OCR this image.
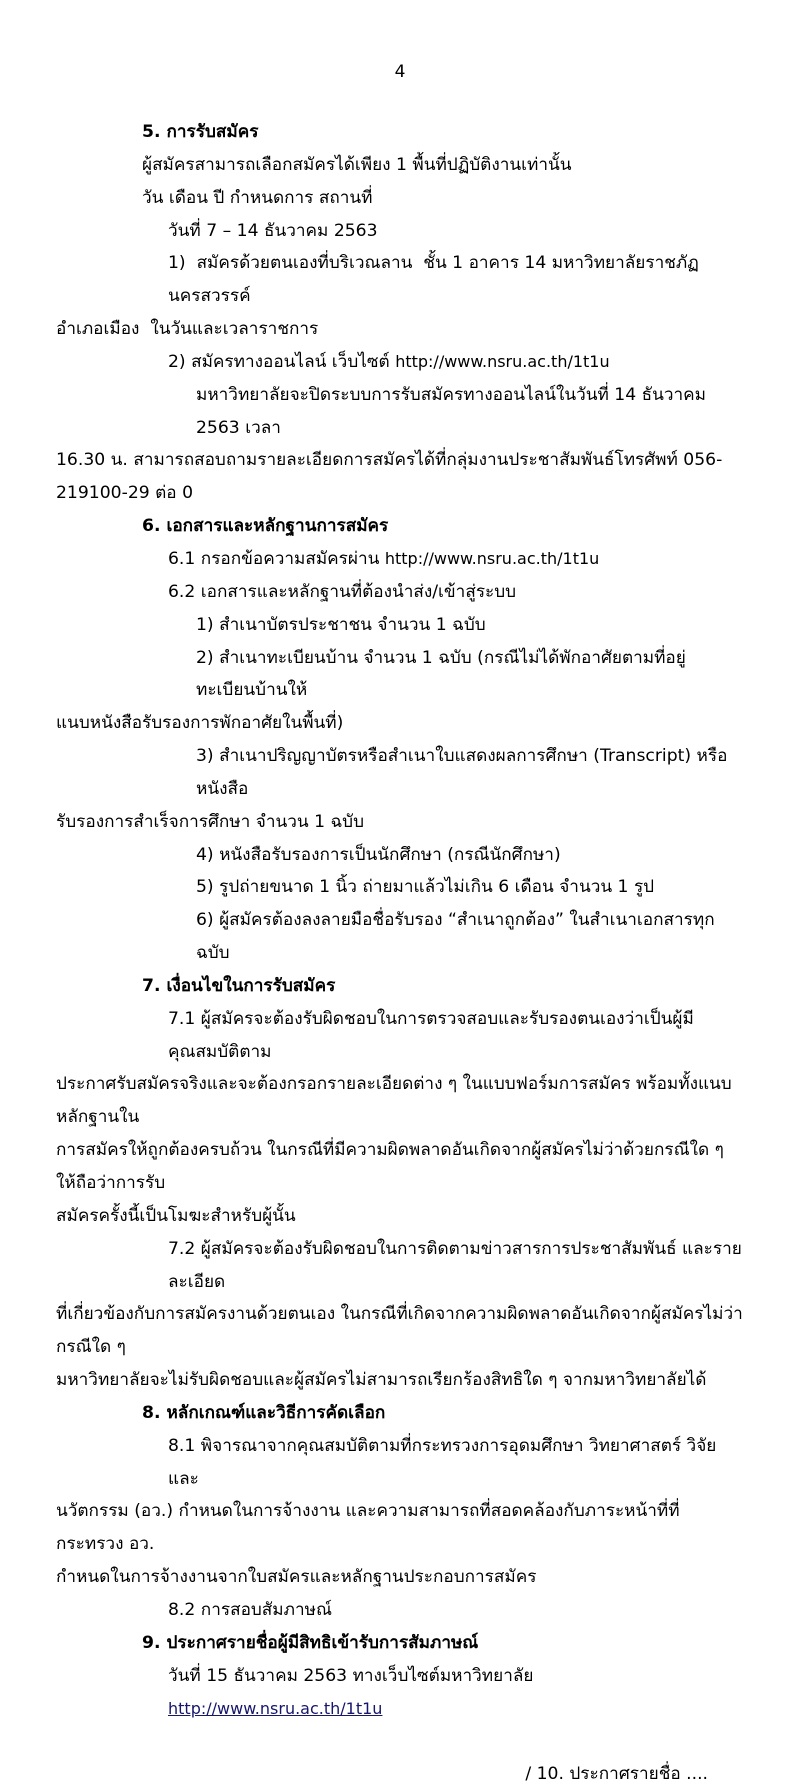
4
5. การรับสมัคร
ผู้สมัครสามารถเลือกสมัครได้เพียง 1 พื้นที่ปฏิบัติงานเท่านั้น
วัน เดือน ปี กำหนดการ สถานที่
วันที่ 7 – 14 ธันวาคม 2563
1)  สมัครด้วยตนเองที่บริเวณลาน  ชั้น 1 อาคาร 14 มหาวิทยาลัยราชภัฏนครสวรรค์
อำเภอเมือง  ในวันและเวลาราชการ
2) สมัครทางออนไลน์ เว็บไซต์ http://www.nsru.ac.th/1t1u
มหาวิทยาลัยจะปิดระบบการรับสมัครทางออนไลน์ในวันที่ 14 ธันวาคม 2563 เวลา
16.30 น. สามารถสอบถามรายละเอียดการสมัครได้ที่กลุ่มงานประชาสัมพันธ์โทรศัพท์ 056-219100-29 ต่อ 0
6. เอกสารและหลักฐานการสมัคร
6.1 กรอกข้อความสมัครผ่าน http://www.nsru.ac.th/1t1u
6.2 เอกสารและหลักฐานที่ต้องนำส่ง/เข้าสู่ระบบ
1) สำเนาบัตรประชาชน จำนวน 1 ฉบับ
2) สำเนาทะเบียนบ้าน จำนวน 1 ฉบับ (กรณีไม่ได้พักอาศัยตามที่อยู่ทะเบียนบ้านให้
แนบหนังสือรับรองการพักอาศัยในพื้นที่)
3) สำเนาปริญญาบัตรหรือสำเนาใบแสดงผลการศึกษา (Transcript) หรือหนังสือ
รับรองการสำเร็จการศึกษา จำนวน 1 ฉบับ
4) หนังสือรับรองการเป็นนักศึกษา (กรณีนักศึกษา)
5) รูปถ่ายขนาด 1 นิ้ว ถ่ายมาแล้วไม่เกิน 6 เดือน จำนวน 1 รูป
6) ผู้สมัครต้องลงลายมือชื่อรับรอง “สำเนาถูกต้อง” ในสำเนาเอกสารทุกฉบับ
7. เงื่อนไขในการรับสมัคร
7.1 ผู้สมัครจะต้องรับผิดชอบในการตรวจสอบและรับรองตนเองว่าเป็นผู้มีคุณสมบัติตาม
ประกาศรับสมัครจริงและจะต้องกรอกรายละเอียดต่าง ๆ ในแบบฟอร์มการสมัคร พร้อมทั้งแนบหลักฐานใน
การสมัครให้ถูกต้องครบถ้วน ในกรณีที่มีความผิดพลาดอันเกิดจากผู้สมัครไม่ว่าด้วยกรณีใด ๆ ให้ถือว่าการรับ
สมัครครั้งนี้เป็นโมฆะสำหรับผู้นั้น
7.2 ผู้สมัครจะต้องรับผิดชอบในการติดตามข่าวสารการประชาสัมพันธ์ และรายละเอียด
ที่เกี่ยวข้องกับการสมัครงานด้วยตนเอง ในกรณีที่เกิดจากความผิดพลาดอันเกิดจากผู้สมัครไม่ว่ากรณีใด ๆ
มหาวิทยาลัยจะไม่รับผิดชอบและผู้สมัครไม่สามารถเรียกร้องสิทธิใด ๆ จากมหาวิทยาลัยได้
8. หลักเกณฑ์และวิธีการคัดเลือก
8.1 พิจารณาจากคุณสมบัติตามที่กระทรวงการอุดมศึกษา วิทยาศาสตร์ วิจัยและ
นวัตกรรม (อว.) กำหนดในการจ้างงาน และความสามารถที่สอดคล้องกับภาระหน้าที่ที่กระทรวง อว.
กำหนดในการจ้างงานจากใบสมัครและหลักฐานประกอบการสมัคร
8.2 การสอบสัมภาษณ์
9. ประกาศรายชื่อผู้มีสิทธิเข้ารับการสัมภาษณ์
วันที่ 15 ธันวาคม 2563 ทางเว็บไซต์มหาวิทยาลัย http://www.nsru.ac.th/1t1u
/ 10. ประกาศรายชื่อ ....
